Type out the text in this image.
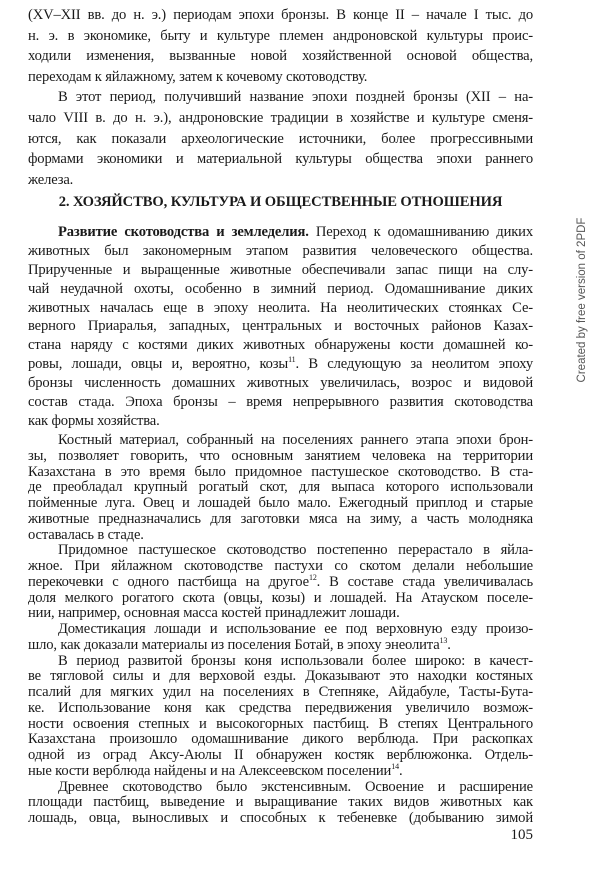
(XV–XII вв. до н. э.) периодам эпохи бронзы. В конце II – начале I тыс. до
н. э. в экономике, быту и культуре племен андроновской культуры проис-
ходили изменения, вызванные новой хозяйственной основой общества,
переходам к яйлажному, затем к кочевому скотоводству.
В этот период, получивший название эпохи поздней бронзы (XII – на-
чало VIII в. до н. э.), андроновские традиции в хозяйстве и культуре сменя-
ются, как показали археологические источники, более прогрессивными
формами экономики и материальной культуры общества эпохи раннего
железа.
2. ХОЗЯЙСТВО, КУЛЬТУРА И ОБЩЕСТВЕННЫЕ ОТНОШЕНИЯ
Развитие скотоводства и земледелия. Переход к одомашниванию диких
животных был закономерным этапом развития человеческого общества.
Прирученные и выращенные животные обеспечивали запас пищи на слу-
чай неудачной охоты, особенно в зимний период. Одомашнивание диких
животных началась еще в эпоху неолита. На неолитических стоянках Се-
верного Приаралья, западных, центральных и восточных районов Казах-
стана наряду с костями диких животных обнаружены кости домашней ко-
ровы, лошади, овцы и, вероятно, козы$^{11}$. В следующую за неолитом эпоху
бронзы численность домашних животных увеличилась, возрос и видовой
состав стада. Эпоха бронзы – время непрерывного развития скотоводства
как формы хозяйства.
Костный материал, собранный на поселениях раннего этапа эпохи брон-
зы, позволяет говорить, что основным занятием человека на территории
Казахстана в это время было придомное пастушеское скотоводство. В ста-
де преобладал крупный рогатый скот, для выпаса которого использовали
пойменные луга. Овец и лошадей было мало. Ежегодный приплод и старые
животные предназначались для заготовки мяса на зиму, а часть молодняка
оставалась в стаде.
Придомное пастушеское скотоводство постепенно перерастало в яйла-
жное. При яйлажном скотоводстве пастухи со скотом делали небольшие
перекочевки с одного пастбища на другое$^{12}$. В составе стада увеличивалась
доля мелкого рогатого скота (овцы, козы) и лошадей. На Атауском поселе-
нии, например, основная масса костей принадлежит лошади.
Доместикация лошади и использование ее под верховную езду произо-
шло, как доказали материалы из поселения Ботай, в эпоху энеолита$^{13}$.
В период развитой бронзы коня использовали более широко: в качест-
ве тягловой силы и для верховой езды. Доказывают это находки костяных
псалий для мягких удил на поселениях в Степняке, Айдабуле, Тасты-Бута-
ке. Использование коня как средства передвижения увеличило возмож-
ности освоения степных и высокогорных пастбищ. В степях Центрального
Казахстана произошло одомашнивание дикого верблюда. При раскопках
одной из оград Аксу-Аюлы II обнаружен костяк верблюжонка. Отдель-
ные кости верблюда найдены и на Алексеевском поселении$^{14}$.
Древнее скотоводство было экстенсивным. Освоение и расширение
площади пастбищ, выведение и выращивание таких видов животных как
лошадь, овца, выносливых и способных к тебеневке (добыванию зимой
105
Created by free version of 2PDF
